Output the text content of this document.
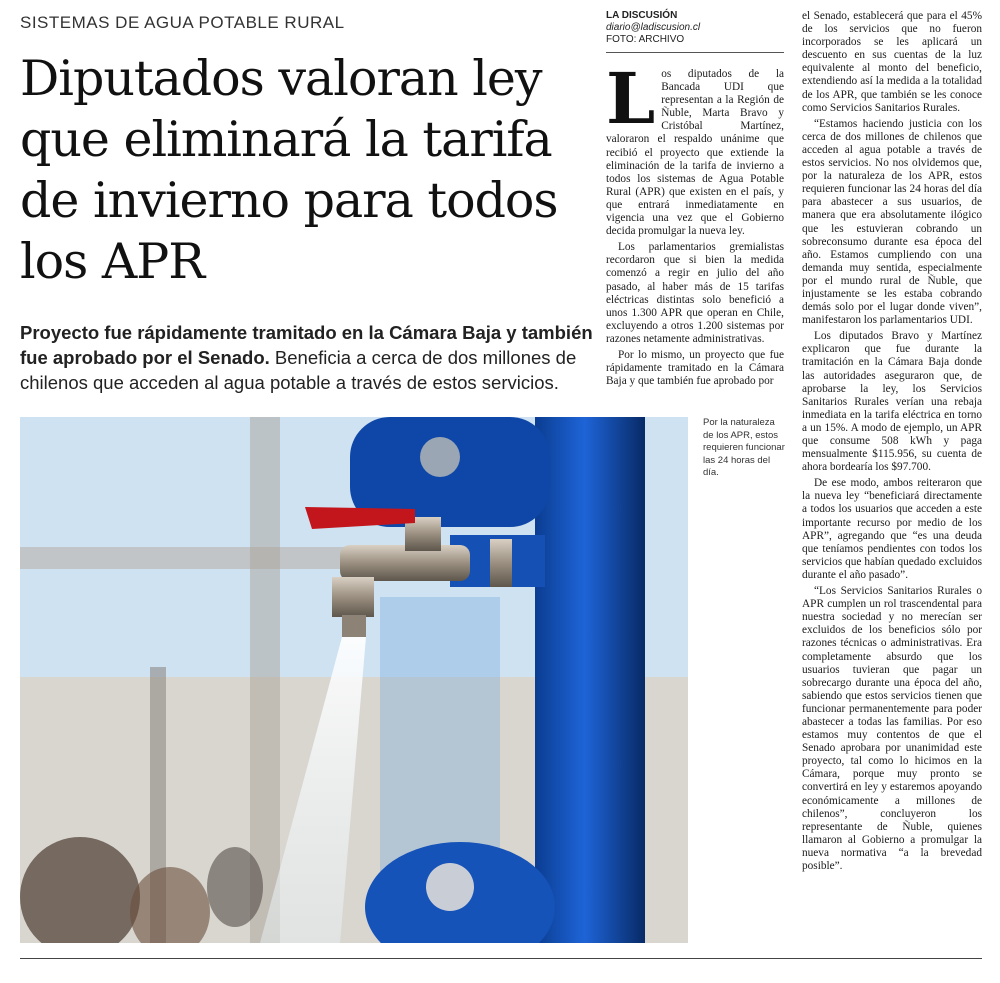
SISTEMAS DE AGUA POTABLE RURAL
Diputados valoran ley que eliminará la tarifa de invierno para todos los APR

Proyecto fue rápidamente tramitado en la Cámara Baja y también fue aprobado por el Senado. Beneficia a cerca de dos millones de chilenos que acceden al agua potable a través de estos servicios.

LA DISCUSIÓN
diario@ladiscusion.cl
FOTO: ARCHIVO

Los diputados de la Bancada UDI que representan a la Región de Ñuble, Marta Bravo y Cristóbal Martínez, valoraron el respaldo unánime que recibió el proyecto que extiende la eliminación de la tarifa de invierno a todos los sistemas de Agua Potable Rural (APR) que existen en el país, y que entrará inmediatamente en vigencia una vez que el Gobierno decida promulgar la nueva ley.

Los parlamentarios gremialistas recordaron que si bien la medida comenzó a regir en julio del año pasado, al haber más de 15 tarifas eléctricas distintas solo benefició a unos 1.300 APR que operan en Chile, excluyendo a otros 1.200 sistemas por razones netamente administrativas.

Por lo mismo, un proyecto que fue rápidamente tramitado en la Cámara Baja y que también fue aprobado por

el Senado, establecerá que para el 45% de los servicios que no fueron incorporados se les aplicará un descuento en sus cuentas de la luz equivalente al monto del beneficio, extendiendo así la medida a la totalidad de los APR, que también se les conoce como Servicios Sanitarios Rurales.

“Estamos haciendo justicia con los cerca de dos millones de chilenos que acceden al agua potable a través de estos servicios. No nos olvidemos que, por la naturaleza de los APR, estos requieren funcionar las 24 horas del día para abastecer a sus usuarios, de manera que era absolutamente ilógico que les estuvieran cobrando un sobreconsumo durante esa época del año. Estamos cumpliendo con una demanda muy sentida, especialmente por el mundo rural de Ñuble, que injustamente se les estaba cobrando demás solo por el lugar donde viven”, manifestaron los parlamentarios UDI.

Los diputados Bravo y Martínez explicaron que fue durante la tramitación en la Cámara Baja donde las autoridades aseguraron que, de aprobarse la ley, los Servicios Sanitarios Rurales verían una rebaja inmediata en la tarifa eléctrica en torno a un 15%. A modo de ejemplo, un APR que consume 508 kWh y paga mensualmente $115.956, su cuenta de ahora bordearía los $97.700.

De ese modo, ambos reiteraron que la nueva ley “beneficiará directamente a todos los usuarios que acceden a este importante recurso por medio de los APR”, agregando que “es una deuda que teníamos pendientes con todos los servicios que habían quedado excluidos durante el año pasado”.

“Los Servicios Sanitarios Rurales o APR cumplen un rol trascendental para nuestra sociedad y no merecían ser excluidos de los beneficios sólo por razones técnicas o administrativas. Era completamente absurdo que los usuarios tuvieran que pagar un sobrecargo durante una época del año, sabiendo que estos servicios tienen que funcionar permanentemente para poder abastecer a todas las familias. Por eso estamos muy contentos de que el Senado aprobara por unanimidad este proyecto, tal como lo hicimos en la Cámara, porque muy pronto se convertirá en ley y estaremos apoyando económicamente a millones de chilenos”, concluyeron los representante de Ñuble, quienes llamaron al Gobierno a promulgar la nueva normativa “a la brevedad posible”.

Por la naturaleza de los APR, estos requieren funcionar las 24 horas del día.
